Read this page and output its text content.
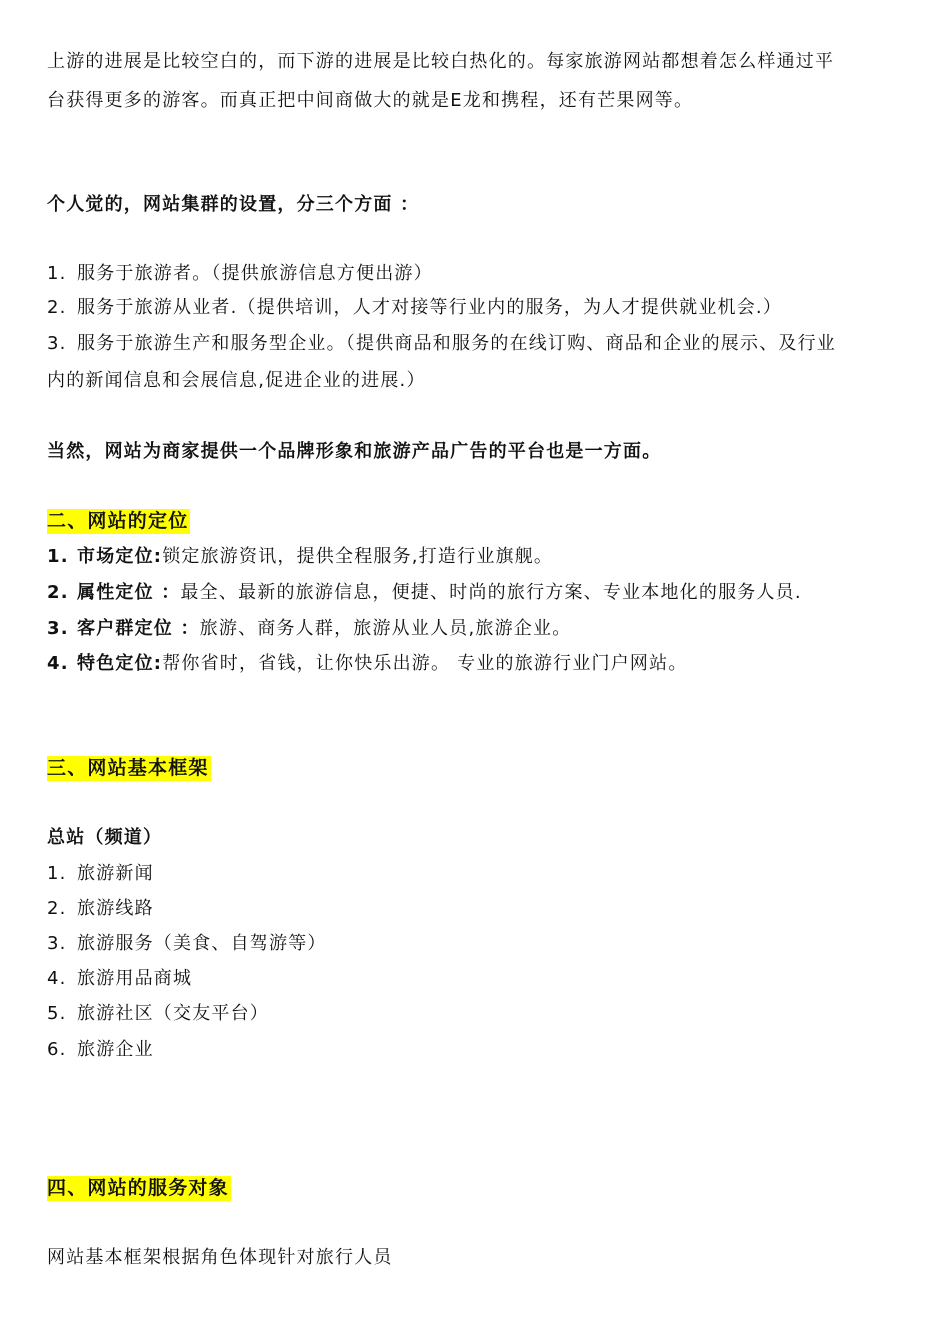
上游的进展是比较空白的，而下游的进展是比较白热化的。每家旅游网站都想着怎么样通过平
台获得更多的游客。而真正把中间商做大的就是E龙和携程，还有芒果网等。
个人觉的，网站集群的设置，分三个方面 ：
1. 服务于旅游者。（提供旅游信息方便出游）
2. 服务于旅游从业者.（提供培训，人才对接等行业内的服务，为人才提供就业机会.）
3. 服务于旅游生产和服务型企业。（提供商品和服务的在线订购、商品和企业的展示、及行业
内的新闻信息和会展信息,促进企业的进展.）
当然，网站为商家提供一个品牌形象和旅游产品广告的平台也是一方面。
二、网站的定位
1. 市场定位:锁定旅游资讯，提供全程服务,打造行业旗舰。
2. 属性定位 ：最全、最新的旅游信息，便捷、时尚的旅行方案、专业本地化的服务人员.
3. 客户群定位 ：旅游、商务人群，旅游从业人员,旅游企业。
4. 特色定位:帮你省时，省钱，让你快乐出游。 专业的旅游行业门户网站。
三、网站基本框架
总站（频道）
1. 旅游新闻
2. 旅游线路
3. 旅游服务（美食、自驾游等）
4. 旅游用品商城
5. 旅游社区（交友平台）
6. 旅游企业
四、网站的服务对象
网站基本框架根据角色体现针对旅行人员
